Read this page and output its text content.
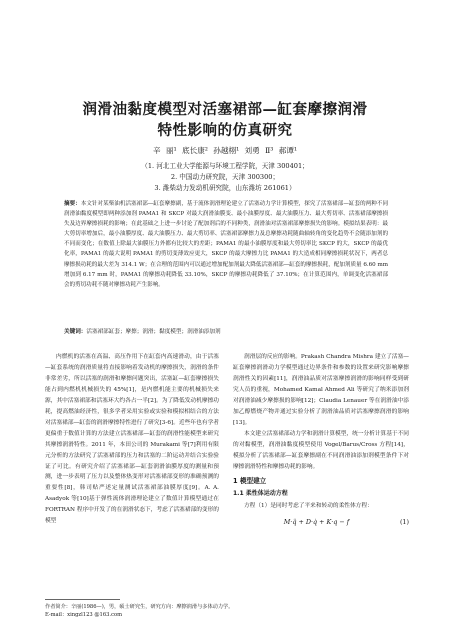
润滑油黏度模型对活塞裙部—缸套摩擦润滑
特性影响的仿真研究
辛 丽¹ 底长康² 孙越栩¹ 刘勇 Ⅱ³ 郝谭¹
（1. 河北工业大学能源与环境工程学院，天津 300401；
2. 中国动力研究院，天津 300300；
3. 潍柴动力发动机研究院，山东潍坊 261061）
摘要：本文针对某柴油机活塞裙部—缸套摩擦副，基于流体润滑理论建立了活塞动力学计算模型，探究了活塞裙部—缸套的两种不同润滑油黏度模型即两种添加剂 PAMA1 和 SKCP 对最大润滑油膜变、最小油膜厚度、最大油膜压力、最大剪切率、活塞裙部摩擦损失及边界摩擦损耗的影响；在此基础之上进一步讨论了配加剂后的不同种类，润滑油对活塞裙部摩擦损失的影响。模拟结果表明：最大剪切率增加后，最小油膜厚度、最大油膜压力、最大剪切率、活塞裙部摩擦力及总摩擦功耗随曲轴转角的变化趋势不会随添加剂的不同而变化；在数值上除最大油膜压力外都有比较大的差距；PAMA1 的最小油膜厚度和最大剪切率比 SKCP 的大，SKCP 的最优化率，PAMA1 的最大说明 PAMA1 的剪切变薄效应更大，SKCP 的最大摩擦力比 PAMA1 的大造成相同摩擦损耗状况下，两者总摩擦损功耗的最大差为 314.1 W；在合理的范围内可以通过增加配加剂最大降低活塞裙部—缸套的摩擦损耗，配加剂质量 6.60 mm 增加到 6.17 mm 时，PAMA1 的摩擦功耗降低 33.10%，SKCP 的摩擦功耗降低了 37.10%；在计算范围内，单调变化活塞裙部会的剪切功耗不随对摩擦功耗产生影响。
关键词：活塞裙部缸套；摩擦；润滑；黏度模型；润滑油添加剂

内燃机的活塞在高温、高压作用下在缸套内高速滑动，由于活塞—缸套系统的润滑质量将直接影响着发动机的摩擦损失，润滑的条件非常差劣，所以活塞的润滑和摩擦问题突出，活塞缸—缸套摩擦损失能占到内燃机机械损失的 45%[1]，是内燃机能主要的机械损失来源，其中活塞裙部和活塞环大约各占一半[2]。为了降低发动机摩擦功耗，提高燃油经济性，很多学者采用实验或实验和模拟相结合的方法对活塞裙部—缸套的润滑摩擦特性进行了研究[3-6]。近些年也有学者更偏重于数值计算的方法建立活塞裙部—缸套的润滑性能模型来研究其摩擦润滑特性。2011 年，本田公司的 Murakami 等[7]利用有限元分析的方法研究了活塞裙部的压力和活塞的二阶运动并结合实验验证了可比。有研究介绍了活塞裙部—缸套润滑油膜厚度的测量和预测，进一步表明了压力以及整体热变形对活塞裙部变形的准确预测的重要性[8]，韩司贴严述定量测试活塞裙部油膜厚度[9]。A. A. Asadyok 等[10]基于弹性流体润滑理论建立了数值计算模型通过在 FORTRAN 程序中开发了的在润滑状态下，考虑了活塞裙部的变形的模型

润滑层的反应的影响。Prakash Chandra Mishra 建立了活塞—缸套摩擦润滑动力学模型通过边界条件和参数的设置来研究影响摩擦润滑性关的因素[11]，润滑油品质对活塞摩擦润滑的影响同样受到研究人员的重视，Mohamed Kamal Ahmed Ali 等研究了纳米添加剂对润滑油减少摩擦损的影响[12]；Claudia Lenauer 等在润滑油中添加乙醇燃烧产物并通过实验分析了润滑油品质对活塞摩擦润滑的影响[13]。

本文建立活塞裙部动力学和润滑计算模型，统一分析计算基于不同的对黏模型，润滑油黏度模型使用 Vogel/Barus/Cross 方程[14]，模拟分析了活塞裙部—缸套摩擦副在不同润滑油添加剂模型条件下对摩擦润滑特性和摩擦功耗的影响。

1 模型建立
1.1 柔性体运动方程

方程（1）是同时考虑了平来和转动的柔性体方程：

M·q̈ + D·q̇ + K·q − f	(1)
作者简介：辛丽(1986—)，男，硕士研究生，研究方向：摩擦润滑与多体动力学。
E-mail：xingzl123 @163.com
